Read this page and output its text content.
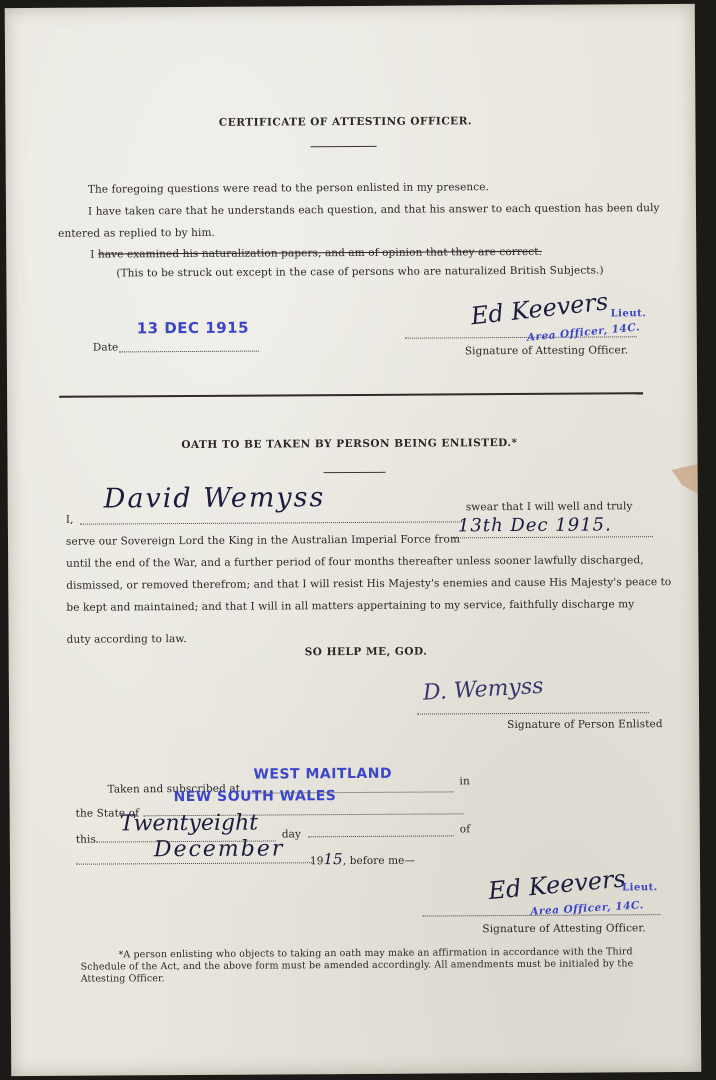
CERTIFICATE OF ATTESTING OFFICER.
The foregoing questions were read to the person enlisted in my presence.
I have taken care that he understands each question, and that his answer to each question has been duly
entered as replied to by him.
I have examined his naturalization papers, and am of opinion that they are correct.
(This to be struck out except in the case of persons who are naturalized British Subjects.)
Date
13 DEC 1915	Ed Keevers Lieut.
Area Officer, 14C.
Signature of Attesting Officer.
OATH TO BE TAKEN BY PERSON BEING ENLISTED.*
I,
David Wemyss	swear that I will well and truly
serve our Sovereign Lord the King in the Australian Imperial Force from
13th Dec 1915.
until the end of the War, and a further period of four months thereafter unless sooner lawfully discharged,
dismissed, or removed therefrom; and that I will resist His Majesty's enemies and cause His Majesty's peace to
be kept and maintained; and that I will in all matters appertaining to my service, faithfully discharge my
duty according to law.
SO HELP ME, GOD.
D. Wemyss
Signature of Person Enlisted
Taken and subscribed at
WEST MAITLAND	in
the State of
NEW SOUTH WALES
this
Twentyeight day	of
December 1915, before me—
Ed Keevers
Lieut.
Area Officer, 14C.
Signature of Attesting Officer.
*A person enlisting who objects to taking an oath may make an affirmation in accordance with the Third
Schedule of the Act, and the above form must be amended accordingly. All amendments must be initialed by the
Attesting Officer.
